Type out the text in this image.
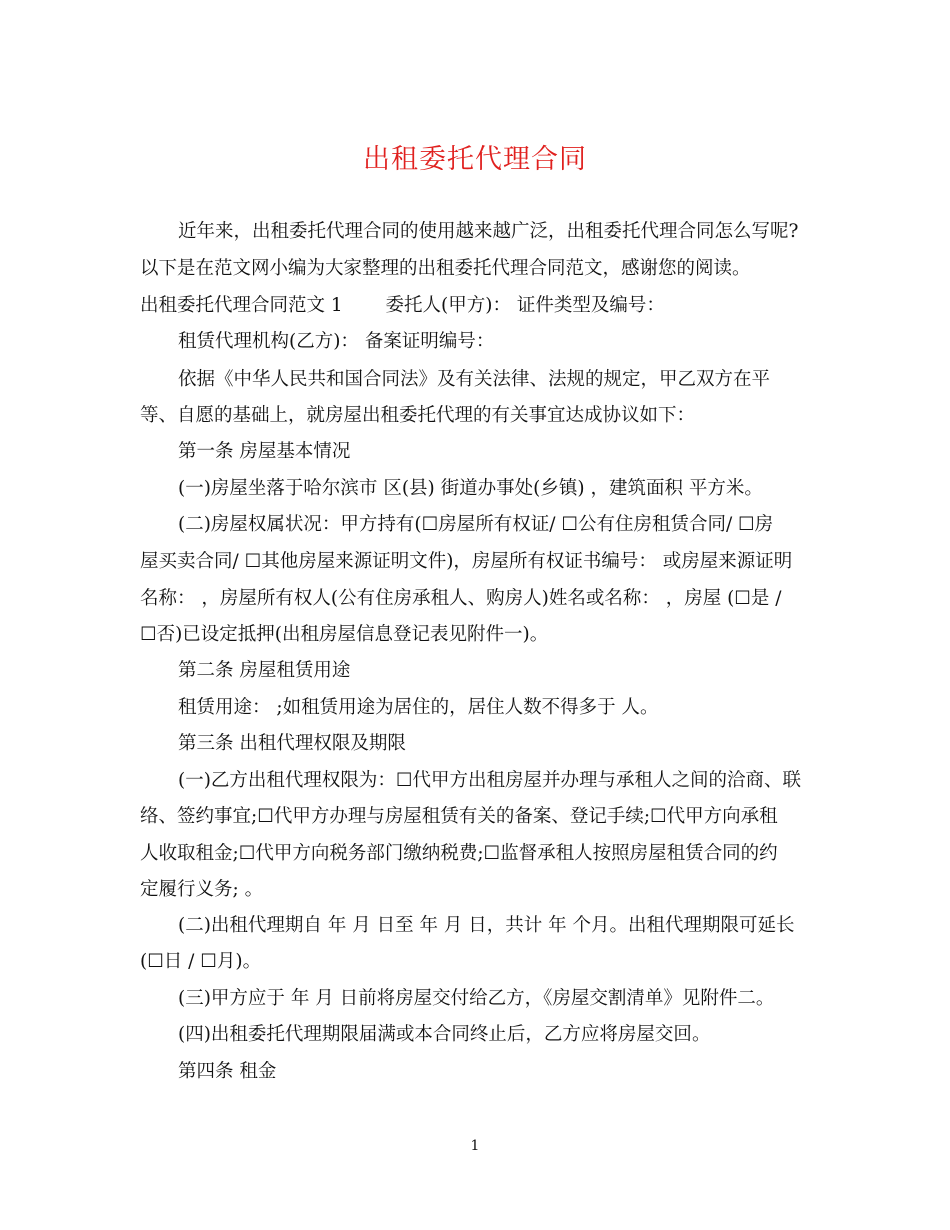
出租委托代理合同
近年来，出租委托代理合同的使用越来越广泛，出租委托代理合同怎么写呢?
以下是在范文网小编为大家整理的出租委托代理合同范文，感谢您的阅读。
出租委托代理合同范文 1　　 委托人(甲方)： 证件类型及编号：
租赁代理机构(乙方)： 备案证明编号：
依据《中华人民共和国合同法》及有关法律、法规的规定，甲乙双方在平
等、自愿的基础上，就房屋出租委托代理的有关事宜达成协议如下：
第一条 房屋基本情况
(一)房屋坐落于哈尔滨市 区(县) 街道办事处(乡镇) ，建筑面积 平方米。
(二)房屋权属状况：甲方持有(☐房屋所有权证/ ☐公有住房租赁合同/ ☐房
屋买卖合同/ ☐其他房屋来源证明文件)，房屋所有权证书编号： 或房屋来源证明
名称： ，房屋所有权人(公有住房承租人、购房人)姓名或名称： ，房屋 (☐是 /
☐否)已设定抵押(出租房屋信息登记表见附件一)。
第二条 房屋租赁用途
租赁用途： ;如租赁用途为居住的，居住人数不得多于 人。
第三条 出租代理权限及期限
(一)乙方出租代理权限为：☐代甲方出租房屋并办理与承租人之间的洽商、联
络、签约事宜;☐代甲方办理与房屋租赁有关的备案、登记手续;☐代甲方向承租
人收取租金;☐代甲方向税务部门缴纳税费;☐监督承租人按照房屋租赁合同的约
定履行义务; 。
(二)出租代理期自 年 月 日至 年 月 日，共计 年 个月。出租代理期限可延长
(☐日 / ☐月)。
(三)甲方应于 年 月 日前将房屋交付给乙方，《房屋交割清单》见附件二。
(四)出租委托代理期限届满或本合同终止后，乙方应将房屋交回。
第四条 租金
1
